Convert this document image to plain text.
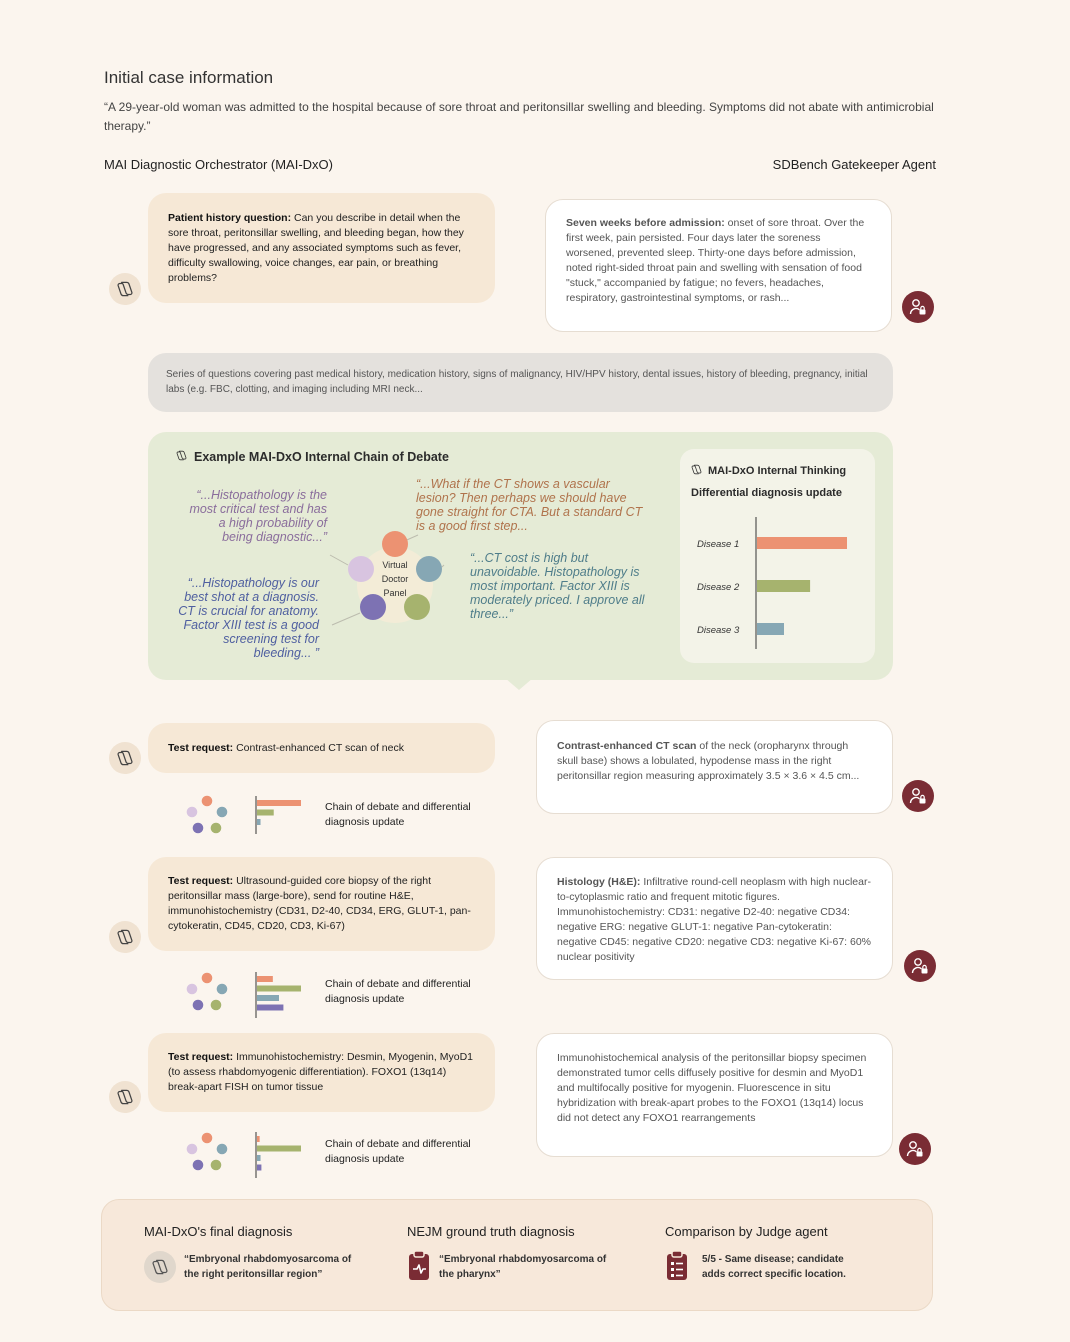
Initial case information
“A 29-year-old woman was admitted to the hospital because of sore throat and peritonsillar swelling and bleeding. Symptoms did not abate with antimicrobial therapy.”
MAI Diagnostic Orchestrator (MAI-DxO)	SDBench Gatekeeper Agent
Patient history question: Can you describe in detail when the sore throat, peritonsillar swelling, and bleeding began, how they have progressed, and any associated symptoms such as fever, difficulty swallowing, voice changes, ear pain, or breathing problems?
Seven weeks before admission: onset of sore throat. Over the first week, pain persisted. Four days later the soreness worsened, prevented sleep. Thirty-one days before admission, noted right-sided throat pain and swelling with sensation of food "stuck," accompanied by fatigue; no fevers, headaches, respiratory, gastrointestinal symptoms, or rash...
Series of questions covering past medical history, medication history, signs of malignancy, HIV/HPV history, dental issues, history of bleeding, pregnancy, initial labs (e.g. FBC, clotting, and imaging including MRI neck...
Example MAI-DxO Internal Chain of Debate
“...Histopathology is the most critical test and has a high probability of being diagnostic...”
“...What if the CT shows a vascular lesion? Then perhaps we should have gone straight for CTA. But a standard CT is a good first step...
“...Histopathology is our best shot at a diagnosis. CT is crucial for anatomy. Factor XIII test is a good screening test for bleeding... ”
“...CT cost is high but unavoidable. Histopathology is most important. Factor XIII is moderately priced. I approve all three...”
Virtual
Doctor
Panel
MAI-DxO Internal Thinking
Differential diagnosis update
Disease 1
Disease 2
Disease 3
Test request: Contrast-enhanced CT scan of neck	Contrast-enhanced CT scan of the neck (oropharynx through skull base) shows a lobulated, hypodense mass in the right peritonsillar region measuring approximately 3.5 × 3.6 × 4.5 cm...
Chain of debate and differential diagnosis update
Test request: Ultrasound-guided core biopsy of the right peritonsillar mass (large-bore), send for routine H&E, immunohistochemistry (CD31, D2-40, CD34, ERG, GLUT-1, pan-cytokeratin, CD45, CD20, CD3, Ki-67)
Histology (H&E): Infiltrative round-cell neoplasm with high nuclear-to-cytoplasmic ratio and frequent mitotic figures. Immunohistochemistry: CD31: negative D2-40: negative CD34: negative ERG: negative GLUT-1: negative Pan-cytokeratin: negative CD45: negative CD20: negative CD3: negative Ki-67: 60% nuclear positivity
Chain of debate and differential diagnosis update
Test request: Immunohistochemistry: Desmin, Myogenin, MyoD1 (to assess rhabdomyogenic differentiation). FOXO1 (13q14) break-apart FISH on tumor tissue
Immunohistochemical analysis of the peritonsillar biopsy specimen demonstrated tumor cells diffusely positive for desmin and MyoD1 and multifocally positive for myogenin. Fluorescence in situ hybridization with break-apart probes to the FOXO1 (13q14) locus did not detect any FOXO1 rearrangements
Chain of debate and differential diagnosis update
MAI-DxO's final diagnosis
“Embryonal rhabdomyosarcoma of the right peritonsillar region”
NEJM ground truth diagnosis
“Embryonal rhabdomyosarcoma of the pharynx”
Comparison by Judge agent
5/5 - Same disease; candidate adds correct specific location.
